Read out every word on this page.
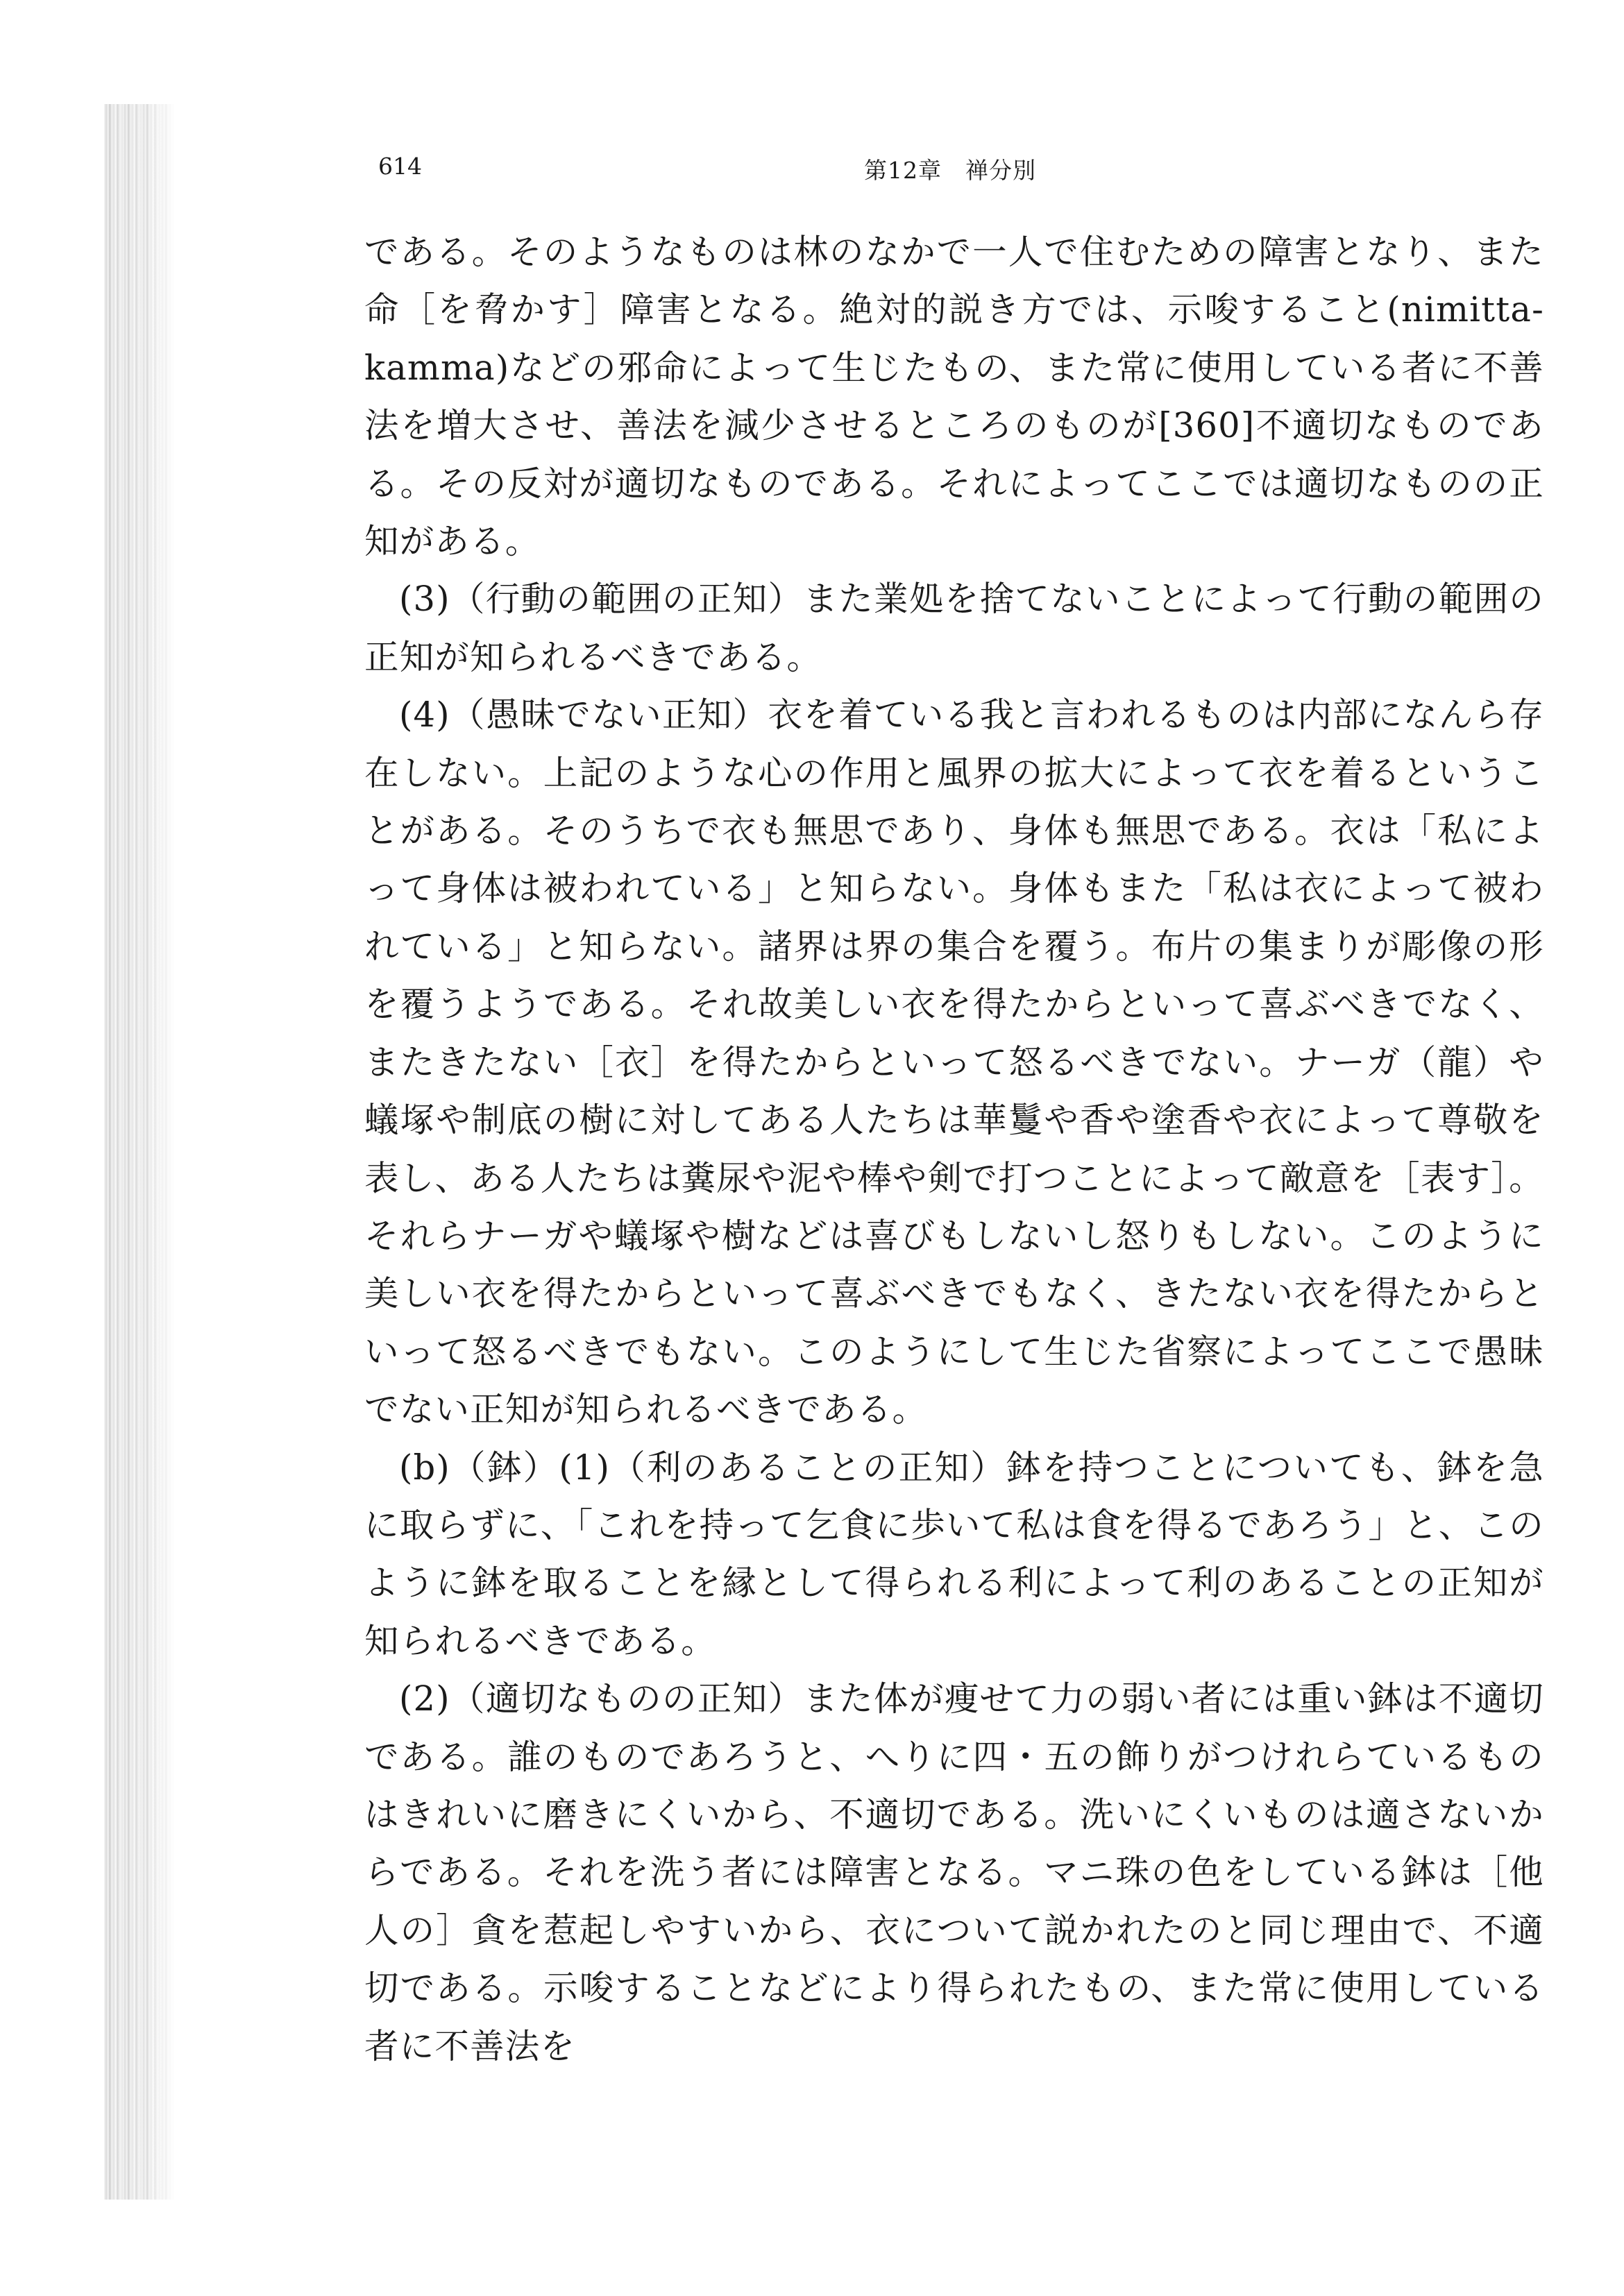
614	第12章　禅分別

である。そのようなものは林のなかで一人で住むための障害となり、また命［を脅かす］障害となる。絶対的説き方では、示唆すること(nimitta-kamma)などの邪命によって生じたもの、また常に使用している者に不善法を増大させ、善法を減少させるところのものが[360]不適切なものである。その反対が適切なものである。それによってここでは適切なものの正知がある。

(3)（行動の範囲の正知）また業処を捨てないことによって行動の範囲の正知が知られるべきである。

(4)（愚昧でない正知）衣を着ている我と言われるものは内部になんら存在しない。上記のような心の作用と風界の拡大によって衣を着るということがある。そのうちで衣も無思であり、身体も無思である。衣は「私によって身体は被われている」と知らない。身体もまた「私は衣によって被われている」と知らない。諸界は界の集合を覆う。布片の集まりが彫像の形を覆うようである。それ故美しい衣を得たからといって喜ぶべきでなく、またきたない［衣］を得たからといって怒るべきでない。ナーガ（龍）や蟻塚や制底の樹に対してある人たちは華鬘や香や塗香や衣によって尊敬を表し、ある人たちは糞尿や泥や棒や剣で打つことによって敵意を［表す］。それらナーガや蟻塚や樹などは喜びもしないし怒りもしない。このように美しい衣を得たからといって喜ぶべきでもなく、きたない衣を得たからといって怒るべきでもない。このようにして生じた省察によってここで愚昧でない正知が知られるべきである。

(b)（鉢）(1)（利のあることの正知）鉢を持つことについても、鉢を急に取らずに、「これを持って乞食に歩いて私は食を得るであろう」と、このように鉢を取ることを縁として得られる利によって利のあることの正知が知られるべきである。

(2)（適切なものの正知）また体が痩せて力の弱い者には重い鉢は不適切である。誰のものであろうと、へりに四・五の飾りがつけれらているものはきれいに磨きにくいから、不適切である。洗いにくいものは適さないからである。それを洗う者には障害となる。マニ珠の色をしている鉢は［他人の］貪を惹起しやすいから、衣について説かれたのと同じ理由で、不適切である。示唆することなどにより得られたもの、また常に使用している者に不善法を
